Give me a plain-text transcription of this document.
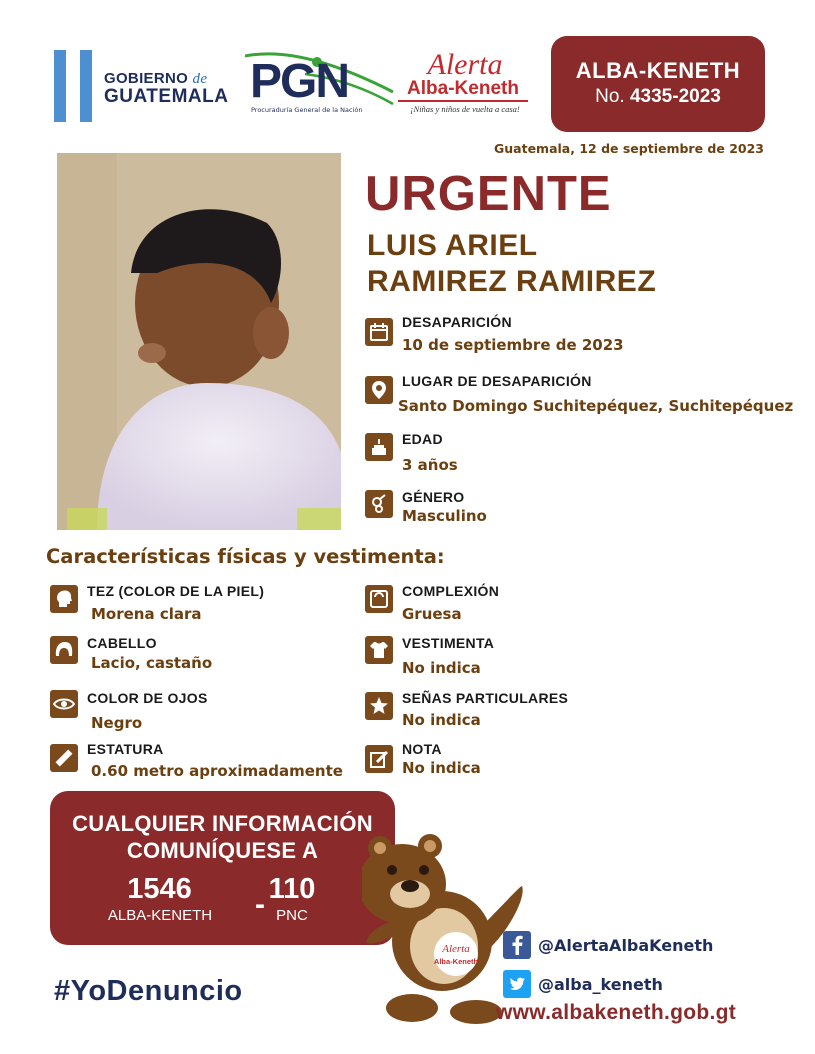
GOBIERNO de
GUATEMALA PGN
Procuraduría General de la Nación
Alerta
Alba-Keneth
¡Niñas y niños de vuelta a casa!
ALBA-KENETH
No. 4335-2023
Guatemala, 12 de septiembre de 2023
URGENTE
LUIS ARIEL
RAMIREZ RAMIREZ
DESAPARICIÓN
10 de septiembre de 2023
LUGAR DE DESAPARICIÓN
Santo Domingo Suchitepéquez, Suchitepéquez
EDAD
3 años
GÉNERO
Masculino
Características físicas y vestimenta:
TEZ (COLOR DE LA PIEL)
Morena clara
CABELLO
Lacio, castaño
COLOR DE OJOS
Negro
ESTATURA
0.60 metro aproximadamente
COMPLEXIÓN
Gruesa
VESTIMENTA
No indica
SEÑAS PARTICULARES
No indica
NOTA
No indica
CUALQUIER INFORMACIÓN
COMUNÍQUESE A
1546
ALBA-KENETH	- 110
PNC
Alerta
Alba-Keneth
#YoDenuncio
@AlertaAlbaKeneth
@alba_keneth
www.albakeneth.gob.gt
